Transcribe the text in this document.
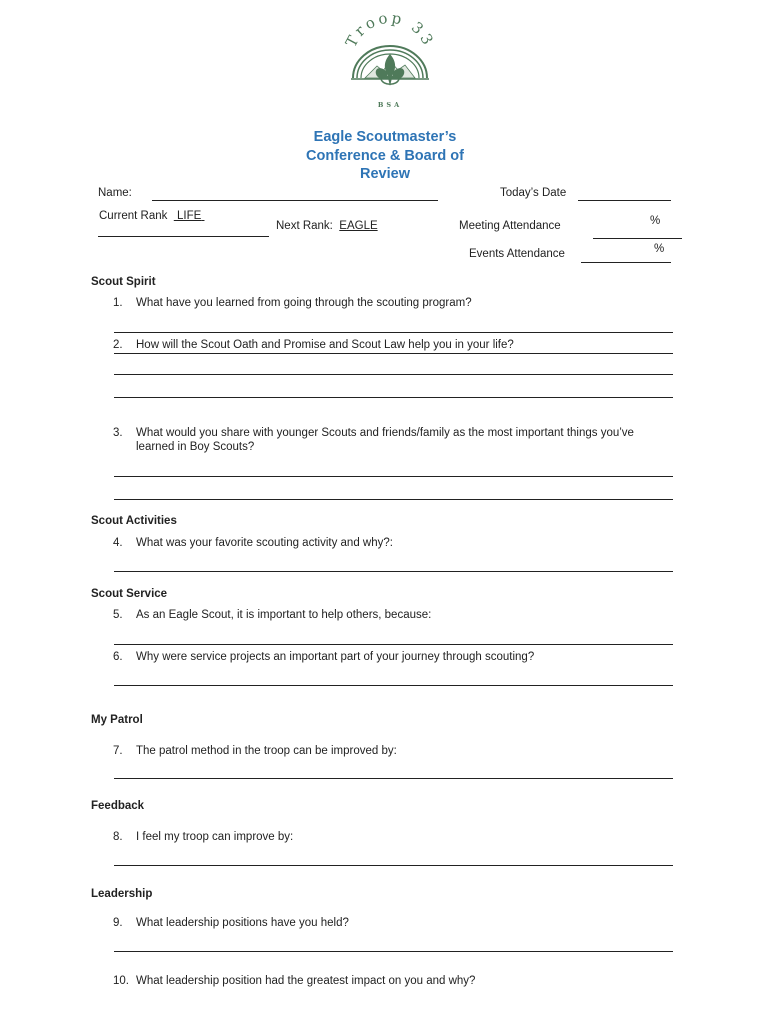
Troop 33
BSA
Eagle Scoutmaster’s
Conference & Board of
Review
Name:	Today’s Date
Current Rank LIFE
Next Rank: EAGLE	Meeting Attendance	%
Events Attendance	%
Scout Spirit
1. What have you learned from going through the scouting program?
2. How will the Scout Oath and Promise and Scout Law help you in your life?
3. What would you share with younger Scouts and friends/family as the most important things you’ve
learned in Boy Scouts?
Scout Activities
4. What was your favorite scouting activity and why?:
Scout Service
5. As an Eagle Scout, it is important to help others, because:
6. Why were service projects an important part of your journey through scouting?
My Patrol
7. The patrol method in the troop can be improved by:
Feedback
8. I feel my troop can improve by:
Leadership
9. What leadership positions have you held?
10. What leadership position had the greatest impact on you and why?
